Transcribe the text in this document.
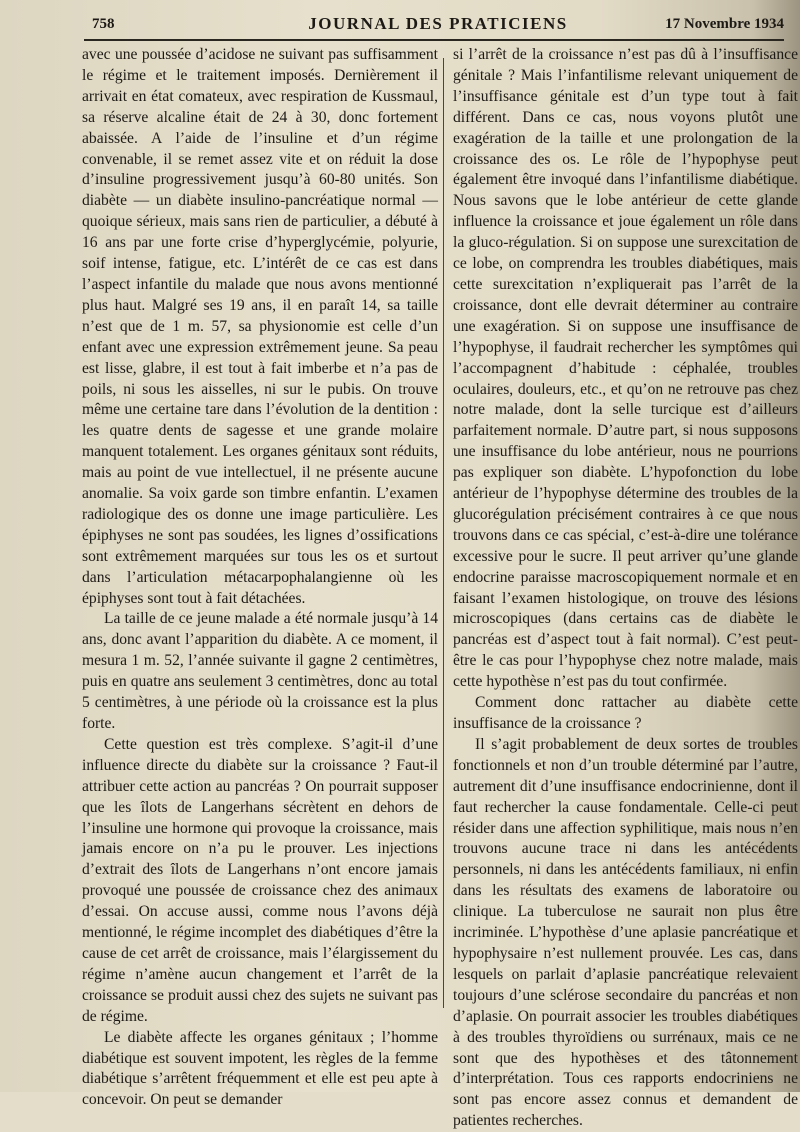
758	JOURNAL DES PRATICIENS	17 Novembre 1934

avec une poussée d’acidose ne suivant pas suffisamment le régime et le traitement imposés. Dernièrement il arrivait en état comateux, avec respiration de Kussmaul, sa réserve alcaline était de 24 à 30, donc fortement abaissée. A l’aide de l’insuline et d’un régime convenable, il se remet assez vite et on réduit la dose d’insuline progressivement jusqu’à 60-80 unités. Son diabète — un diabète insulino-pancréatique normal — quoique sérieux, mais sans rien de particulier, a débuté à 16 ans par une forte crise d’hyperglycémie, polyurie, soif intense, fatigue, etc. L’intérêt de ce cas est dans l’aspect infantile du malade que nous avons mentionné plus haut. Malgré ses 19 ans, il en paraît 14, sa taille n’est que de 1 m. 57, sa physionomie est celle d’un enfant avec une expression extrêmement jeune. Sa peau est lisse, glabre, il est tout à fait imberbe et n’a pas de poils, ni sous les aisselles, ni sur le pubis. On trouve même une certaine tare dans l’évolution de la dentition : les quatre dents de sagesse et une grande molaire manquent totalement. Les organes génitaux sont réduits, mais au point de vue intellectuel, il ne présente aucune anomalie. Sa voix garde son timbre enfantin. L’examen radiologique des os donne une image particulière. Les épiphyses ne sont pas soudées, les lignes d’ossifications sont extrêmement marquées sur tous les os et surtout dans l’articulation métacarpophalangienne où les épiphyses sont tout à fait détachées.

La taille de ce jeune malade a été normale jusqu’à 14 ans, donc avant l’apparition du diabète. A ce moment, il mesura 1 m. 52, l’année suivante il gagne 2 centimètres, puis en quatre ans seulement 3 centimètres, donc au total 5 centimètres, à une période où la croissance est la plus forte.

Cette question est très complexe. S’agit-il d’une influence directe du diabète sur la croissance ? Faut-il attribuer cette action au pancréas ? On pourrait supposer que les îlots de Langerhans sécrètent en dehors de l’insuline une hormone qui provoque la croissance, mais jamais encore on n’a pu le prouver. Les injections d’extrait des îlots de Langerhans n’ont encore jamais provoqué une poussée de croissance chez des animaux d’essai. On accuse aussi, comme nous l’avons déjà mentionné, le régime incomplet des diabétiques d’être la cause de cet arrêt de croissance, mais l’élargissement du régime n’amène aucun changement et l’arrêt de la croissance se produit aussi chez des sujets ne suivant pas de régime.

Le diabète affecte les organes génitaux ; l’homme diabétique est souvent impotent, les règles de la femme diabétique s’arrêtent fréquemment et elle est peu apte à concevoir. On peut se demander

si l’arrêt de la croissance n’est pas dû à l’insuffisance génitale ? Mais l’infantilisme relevant uniquement de l’insuffisance génitale est d’un type tout à fait différent. Dans ce cas, nous voyons plutôt une exagération de la taille et une prolongation de la croissance des os. Le rôle de l’hypophyse peut également être invoqué dans l’infantilisme diabétique. Nous savons que le lobe antérieur de cette glande influence la croissance et joue également un rôle dans la gluco-régulation. Si on suppose une surexcitation de ce lobe, on comprendra les troubles diabétiques, mais cette surexcitation n’expliquerait pas l’arrêt de la croissance, dont elle devrait déterminer au contraire une exagération. Si on suppose une insuffisance de l’hypophyse, il faudrait rechercher les symptômes qui l’accompagnent d’habitude : céphalée, troubles oculaires, douleurs, etc., et qu’on ne retrouve pas chez notre malade, dont la selle turcique est d’ailleurs parfaitement normale. D’autre part, si nous supposons une insuffisance du lobe antérieur, nous ne pourrions pas expliquer son diabète. L’hypofonction du lobe antérieur de l’hypophyse détermine des troubles de la glucorégulation précisément contraires à ce que nous trouvons dans ce cas spécial, c’est-à-dire une tolérance excessive pour le sucre. Il peut arriver qu’une glande endocrine paraisse macroscopiquement normale et en faisant l’examen histologique, on trouve des lésions microscopiques (dans certains cas de diabète le pancréas est d’aspect tout à fait normal). C’est peut-être le cas pour l’hypophyse chez notre malade, mais cette hypothèse n’est pas du tout confirmée.

Comment donc rattacher au diabète cette insuffisance de la croissance ?

Il s’agit probablement de deux sortes de troubles fonctionnels et non d’un trouble déterminé par l’autre, autrement dit d’une insuffisance endocrinienne, dont il faut rechercher la cause fondamentale. Celle-ci peut résider dans une affection syphilitique, mais nous n’en trouvons aucune trace ni dans les antécédents personnels, ni dans les antécédents familiaux, ni enfin dans les résultats des examens de laboratoire ou clinique. La tuberculose ne saurait non plus être incriminée. L’hypothèse d’une aplasie pancréatique et hypophysaire n’est nullement prouvée. Les cas, dans lesquels on parlait d’aplasie pancréatique relevaient toujours d’une sclérose secondaire du pancréas et non d’aplasie. On pourrait associer les troubles diabétiques à des troubles thyroïdiens ou surrénaux, mais ce ne sont que des hypothèses et des tâtonnement d’interprétation. Tous ces rapports endocriniens ne sont pas encore assez connus et demandent de patientes recherches.
